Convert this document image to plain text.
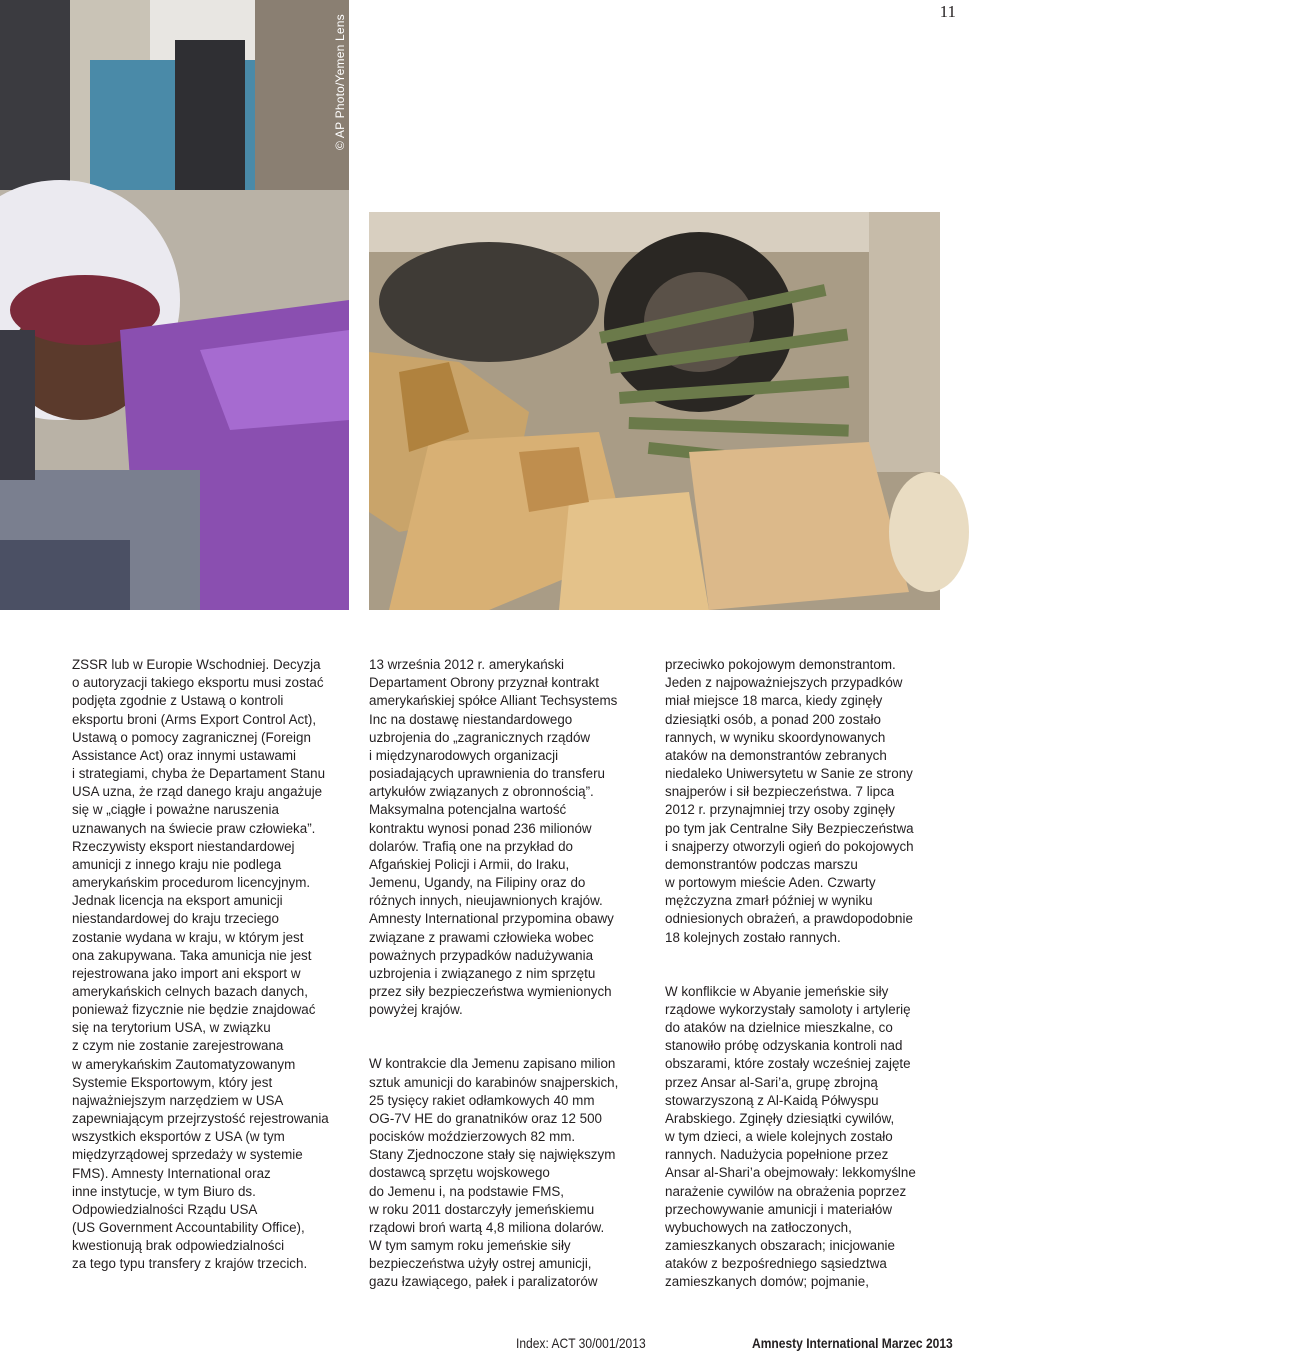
11
© AP Photo/Yemen Lens
© Amnesty International

ZSSR lub w Europie Wschodniej. Decyzja
o autoryzacji takiego eksportu musi zostać
podjęta zgodnie z Ustawą o kontroli
eksportu broni (Arms Export Control Act),
Ustawą o pomocy zagranicznej (Foreign
Assistance Act) oraz innymi ustawami
i strategiami, chyba że Departament Stanu
USA uzna, że rząd danego kraju angażuje
się w „ciągłe i poważne naruszenia
uznawanych na świecie praw człowieka”.
Rzeczywisty eksport niestandardowej
amunicji z innego kraju nie podlega
amerykańskim procedurom licencyjnym.
Jednak licencja na eksport amunicji
niestandardowej do kraju trzeciego
zostanie wydana w kraju, w którym jest
ona zakupywana. Taka amunicja nie jest
rejestrowana jako import ani eksport w
amerykańskich celnych bazach danych,
ponieważ fizycznie nie będzie znajdować
się na terytorium USA, w związku
z czym nie zostanie zarejestrowana
w amerykańskim Zautomatyzowanym
Systemie Eksportowym, który jest
najważniejszym narzędziem w USA
zapewniającym przejrzystość rejestrowania
wszystkich eksportów z USA (w tym
międzyrządowej sprzedaży w systemie
FMS). Amnesty International oraz
inne instytucje, w tym Biuro ds.
Odpowiedzialności Rządu USA
(US Government Accountability Office),
kwestionują brak odpowiedzialności
za tego typu transfery z krajów trzecich.

13 września 2012 r. amerykański
Departament Obrony przyznał kontrakt
amerykańskiej spółce Alliant Techsystems
Inc na dostawę niestandardowego
uzbrojenia do „zagranicznych rządów
i międzynarodowych organizacji
posiadających uprawnienia do transferu
artykułów związanych z obronnością”.
Maksymalna potencjalna wartość
kontraktu wynosi ponad 236 milionów
dolarów. Trafią one na przykład do
Afgańskiej Policji i Armii, do Iraku,
Jemenu, Ugandy, na Filipiny oraz do
różnych innych, nieujawnionych krajów.
Amnesty International przypomina obawy
związane z prawami człowieka wobec
poważnych przypadków nadużywania
uzbrojenia i związanego z nim sprzętu
przez siły bezpieczeństwa wymienionych
powyżej krajów.

W kontrakcie dla Jemenu zapisano milion
sztuk amunicji do karabinów snajperskich,
25 tysięcy rakiet odłamkowych 40 mm
OG-7V HE do granatników oraz 12 500
pocisków moździerzowych 82 mm.
Stany Zjednoczone stały się największym
dostawcą sprzętu wojskowego
do Jemenu i, na podstawie FMS,
w roku 2011 dostarczyły jemeńskiemu
rządowi broń wartą 4,8 miliona dolarów.
W tym samym roku jemeńskie siły
bezpieczeństwa użyły ostrej amunicji,
gazu łzawiącego, pałek i paralizatorów

przeciwko pokojowym demonstrantom.
Jeden z najpoważniejszych przypadków
miał miejsce 18 marca, kiedy zginęły
dziesiątki osób, a ponad 200 zostało
rannych, w wyniku skoordynowanych
ataków na demonstrantów zebranych
niedaleko Uniwersytetu w Sanie ze strony
snajperów i sił bezpieczeństwa. 7 lipca
2012 r. przynajmniej trzy osoby zginęły
po tym jak Centralne Siły Bezpieczeństwa
i snajperzy otworzyli ogień do pokojowych
demonstrantów podczas marszu
w portowym mieście Aden. Czwarty
mężczyzna zmarł później w wyniku
odniesionych obrażeń, a prawdopodobnie
18 kolejnych zostało rannych.

W konflikcie w Abyanie jemeńskie siły
rządowe wykorzystały samoloty i artylerię
do ataków na dzielnice mieszkalne, co
stanowiło próbę odzyskania kontroli nad
obszarami, które zostały wcześniej zajęte
przez Ansar al-Sari’a, grupę zbrojną
stowarzyszoną z Al-Kaidą Półwyspu
Arabskiego. Zginęły dziesiątki cywilów,
w tym dzieci, a wiele kolejnych zostało
rannych. Nadużycia popełnione przez
Ansar al-Shari’a obejmowały: lekkomyślne
narażenie cywilów na obrażenia poprzez
przechowywanie amunicji i materiałów
wybuchowych na zatłoczonych,
zamieszkanych obszarach; inicjowanie
ataków z bezpośredniego sąsiedztwa
zamieszkanych domów; pojmanie,

Index: ACT 30/001/2013	Amnesty International Marzec 2013
